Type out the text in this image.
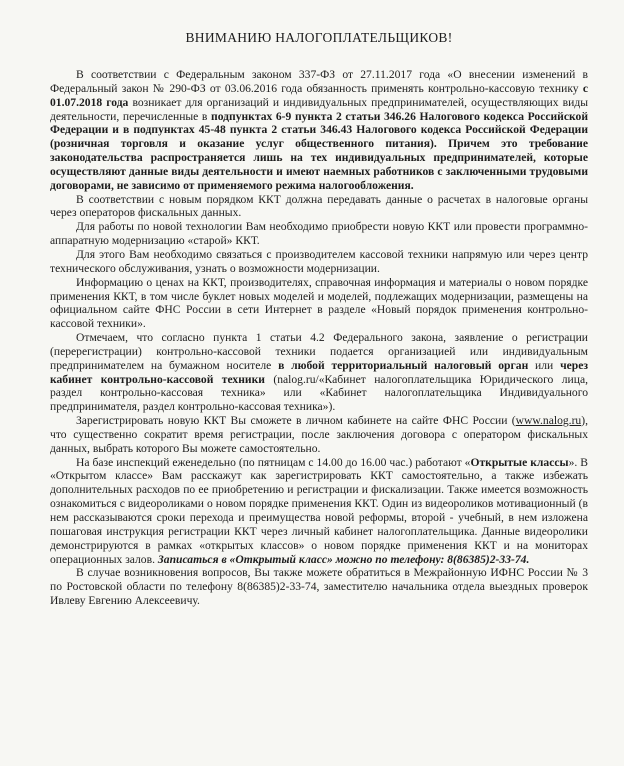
ВНИМАНИЮ НАЛОГОПЛАТЕЛЬЩИКОВ!

В соответствии с Федеральным законом 337-ФЗ от 27.11.2017 года «О внесении изменений в Федеральный закон № 290-ФЗ от 03.06.2016 года обязанность применять контрольно-кассовую технику с 01.07.2018 года возникает для организаций и индивидуальных предпринимателей, осуществляющих виды деятельности, перечисленные в подпунктах 6-9 пункта 2 статьи 346.26 Налогового кодекса Российской Федерации и в подпунктах 45-48 пункта 2 статьи 346.43 Налогового кодекса Российской Федерации (розничная торговля и оказание услуг общественного питания). Причем это требование законодательства распространяется лишь на тех индивидуальных предпринимателей, которые осуществляют данные виды деятельности и имеют наемных работников с заключенными трудовыми договорами, не зависимо от применяемого режима налогообложения.

В соответствии с новым порядком ККТ должна передавать данные о расчетах в налоговые органы через операторов фискальных данных.

Для работы по новой технологии Вам необходимо приобрести новую ККТ или провести программно-аппаратную модернизацию «старой» ККТ.

Для этого Вам необходимо связаться с производителем кассовой техники напрямую или через центр технического обслуживания, узнать о возможности модернизации.

Информацию о ценах на ККТ, производителях, справочная информация и материалы о новом порядке применения ККТ, в том числе буклет новых моделей и моделей, подлежащих модернизации, размещены на официальном сайте ФНС России в сети Интернет в разделе «Новый порядок применения контрольно-кассовой техники».

Отмечаем, что согласно пункта 1 статьи 4.2 Федерального закона, заявление о регистрации (перерегистрации) контрольно-кассовой техники подается организацией или индивидуальным предпринимателем на бумажном носителе в любой территориальный налоговый орган или через кабинет контрольно-кассовой техники (nalog.ru/«Кабинет налогоплательщика Юридического лица, раздел контрольно-кассовая техника» или «Кабинет налогоплательщика Индивидуального предпринимателя, раздел контрольно-кассовая техника»).

Зарегистрировать новую ККТ Вы сможете в личном кабинете на сайте ФНС России (www.nalog.ru), что существенно сократит время регистрации, после заключения договора с оператором фискальных данных, выбрать которого Вы можете самостоятельно.

На базе инспекций еженедельно (по пятницам с 14.00 до 16.00 час.) работают «Открытые классы». В «Открытом классе» Вам расскажут как зарегистрировать ККТ самостоятельно, а также избежать дополнительных расходов по ее приобретению и регистрации и фискализации. Также имеется возможность ознакомиться с видеороликами о новом порядке применения ККТ. Один из видеороликов мотивационный (в нем рассказываются сроки перехода и преимущества новой реформы, второй - учебный, в нем изложена пошаговая инструкция регистрации ККТ через личный кабинет налогоплательщика. Данные видеоролики демонстрируются в рамках «открытых классов» о новом порядке применения ККТ и на мониторах операционных залов. Записаться в «Открытый класс» можно по телефону: 8(86385)2-33-74.

В случае возникновения вопросов, Вы также можете обратиться в Межрайонную ИФНС России № 3 по Ростовской области по телефону 8(86385)2-33-74, заместителю начальника отдела выездных проверок Ивлеву Евгению Алексеевичу.
